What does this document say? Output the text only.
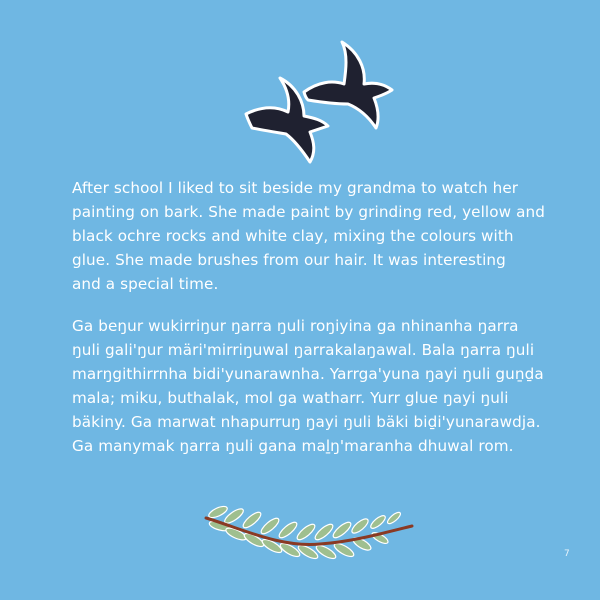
After school I liked to sit beside my grandma to watch her
painting on bark. She made paint by grinding red, yellow and
black ochre rocks and white clay, mixing the colours with
glue. She made brushes from our hair. It was interesting
and a special time.

Ga beŋur wukirriŋur ŋarra ŋuli roŋiyina ga nhinanha ŋarra
ŋuli gali'ŋur märi'mirriŋuwal ŋarrakalaŋawal. Bala ŋarra ŋuli
marŋgithirrnha bidi'yunarawnha. Yarrga'yuna ŋayi ŋuli guṉḏa
mala; miku, buthalak, mol ga watharr. Yurr glue ŋayi ŋuli
bäkiny. Ga marwat nhapurruŋ ŋayi ŋuli bäki biḏi'yunarawdja.
Ga manymak ŋarra ŋuli gana maḻŋ'maranha dhuwal rom.

7
